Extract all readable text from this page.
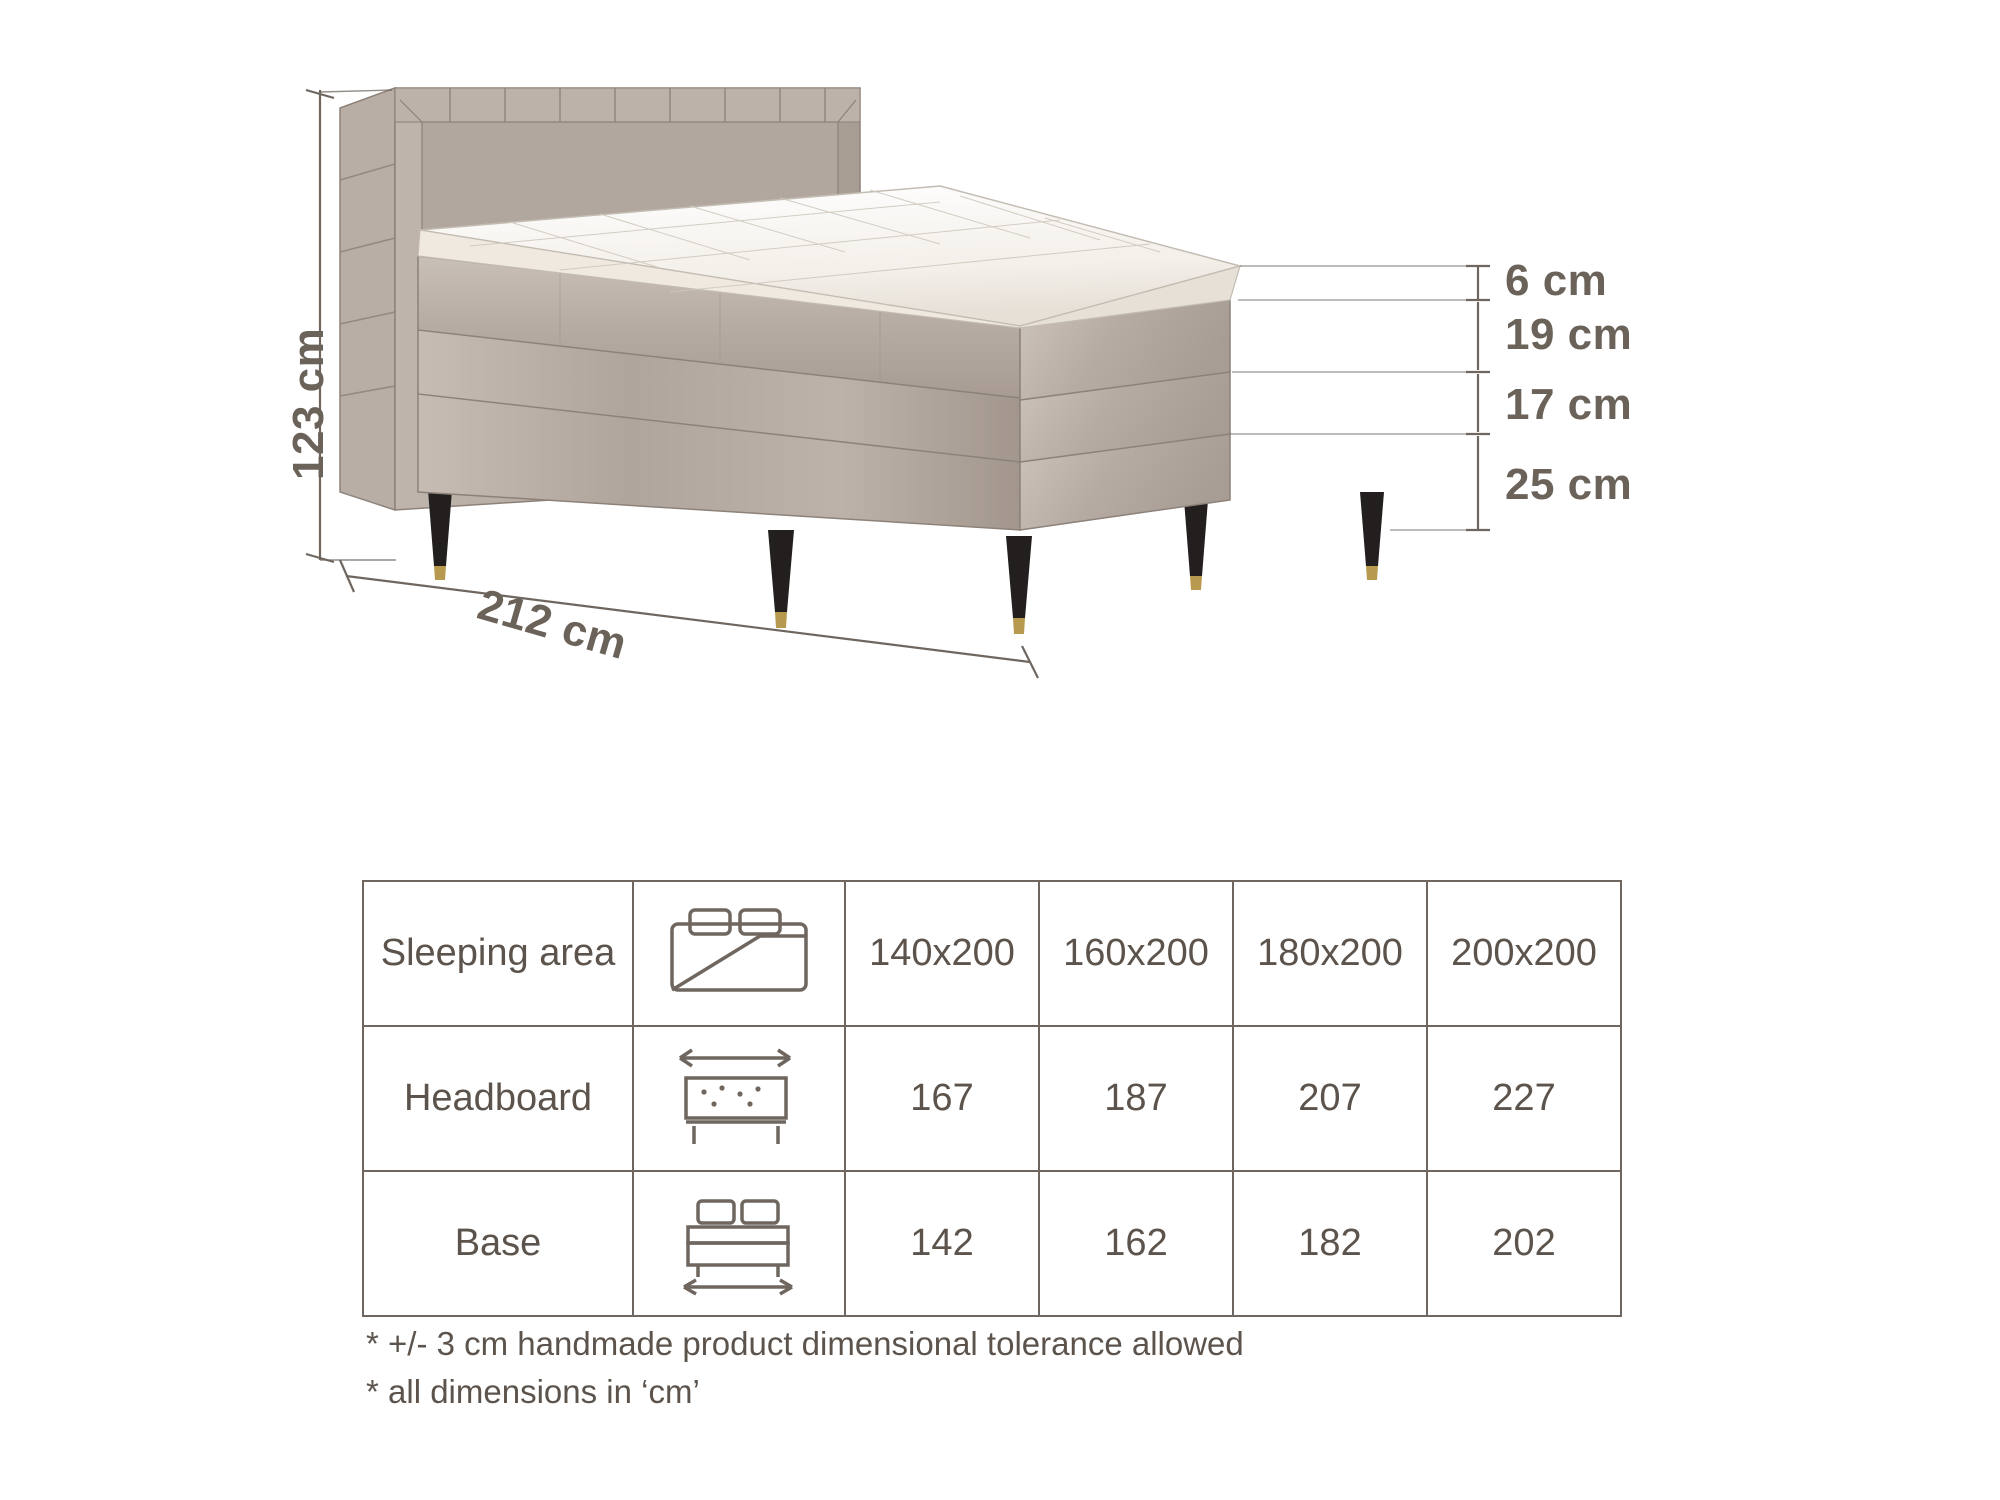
123 cm
212 cm
6 cm
19 cm
17 cm
25 cm
Sleeping area		140x200	160x200	180x200	200x200
Headboard		167	187	207	227
Base		142	162	182	202
* +/- 3 cm handmade product dimensional tolerance allowed
* all dimensions in ‘cm’
